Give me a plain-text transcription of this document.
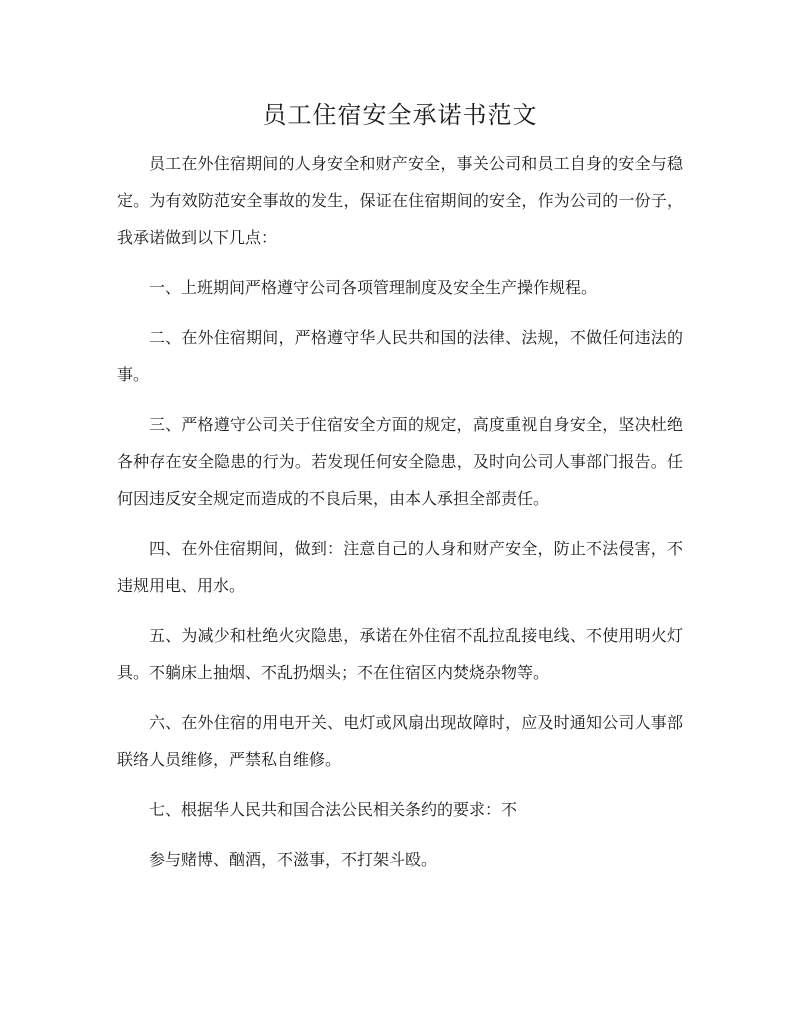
员工住宿安全承诺书范文

员工在外住宿期间的人身安全和财产安全，事关公司和员工自身的安全与稳定。为有效防范安全事故的发生，保证在住宿期间的安全，作为公司的一份子，我承诺做到以下几点：

一、上班期间严格遵守公司各项管理制度及安全生产操作规程。

二、在外住宿期间，严格遵守华人民共和国的法律、法规，不做任何违法的事。

三、严格遵守公司关于住宿安全方面的规定，高度重视自身安全，坚决杜绝各种存在安全隐患的行为。若发现任何安全隐患，及时向公司人事部门报告。任何因违反安全规定而造成的不良后果，由本人承担全部责任。

四、在外住宿期间，做到：注意自己的人身和财产安全，防止不法侵害，不违规用电、用水。

五、为减少和杜绝火灾隐患，承诺在外住宿不乱拉乱接电线、不使用明火灯具。不躺床上抽烟、不乱扔烟头；不在住宿区内焚烧杂物等。

六、在外住宿的用电开关、电灯或风扇出现故障时，应及时通知公司人事部联络人员维修，严禁私自维修。

七、根据华人民共和国合法公民相关条约的要求：不

参与赌博、酗酒，不滋事，不打架斗殴。
